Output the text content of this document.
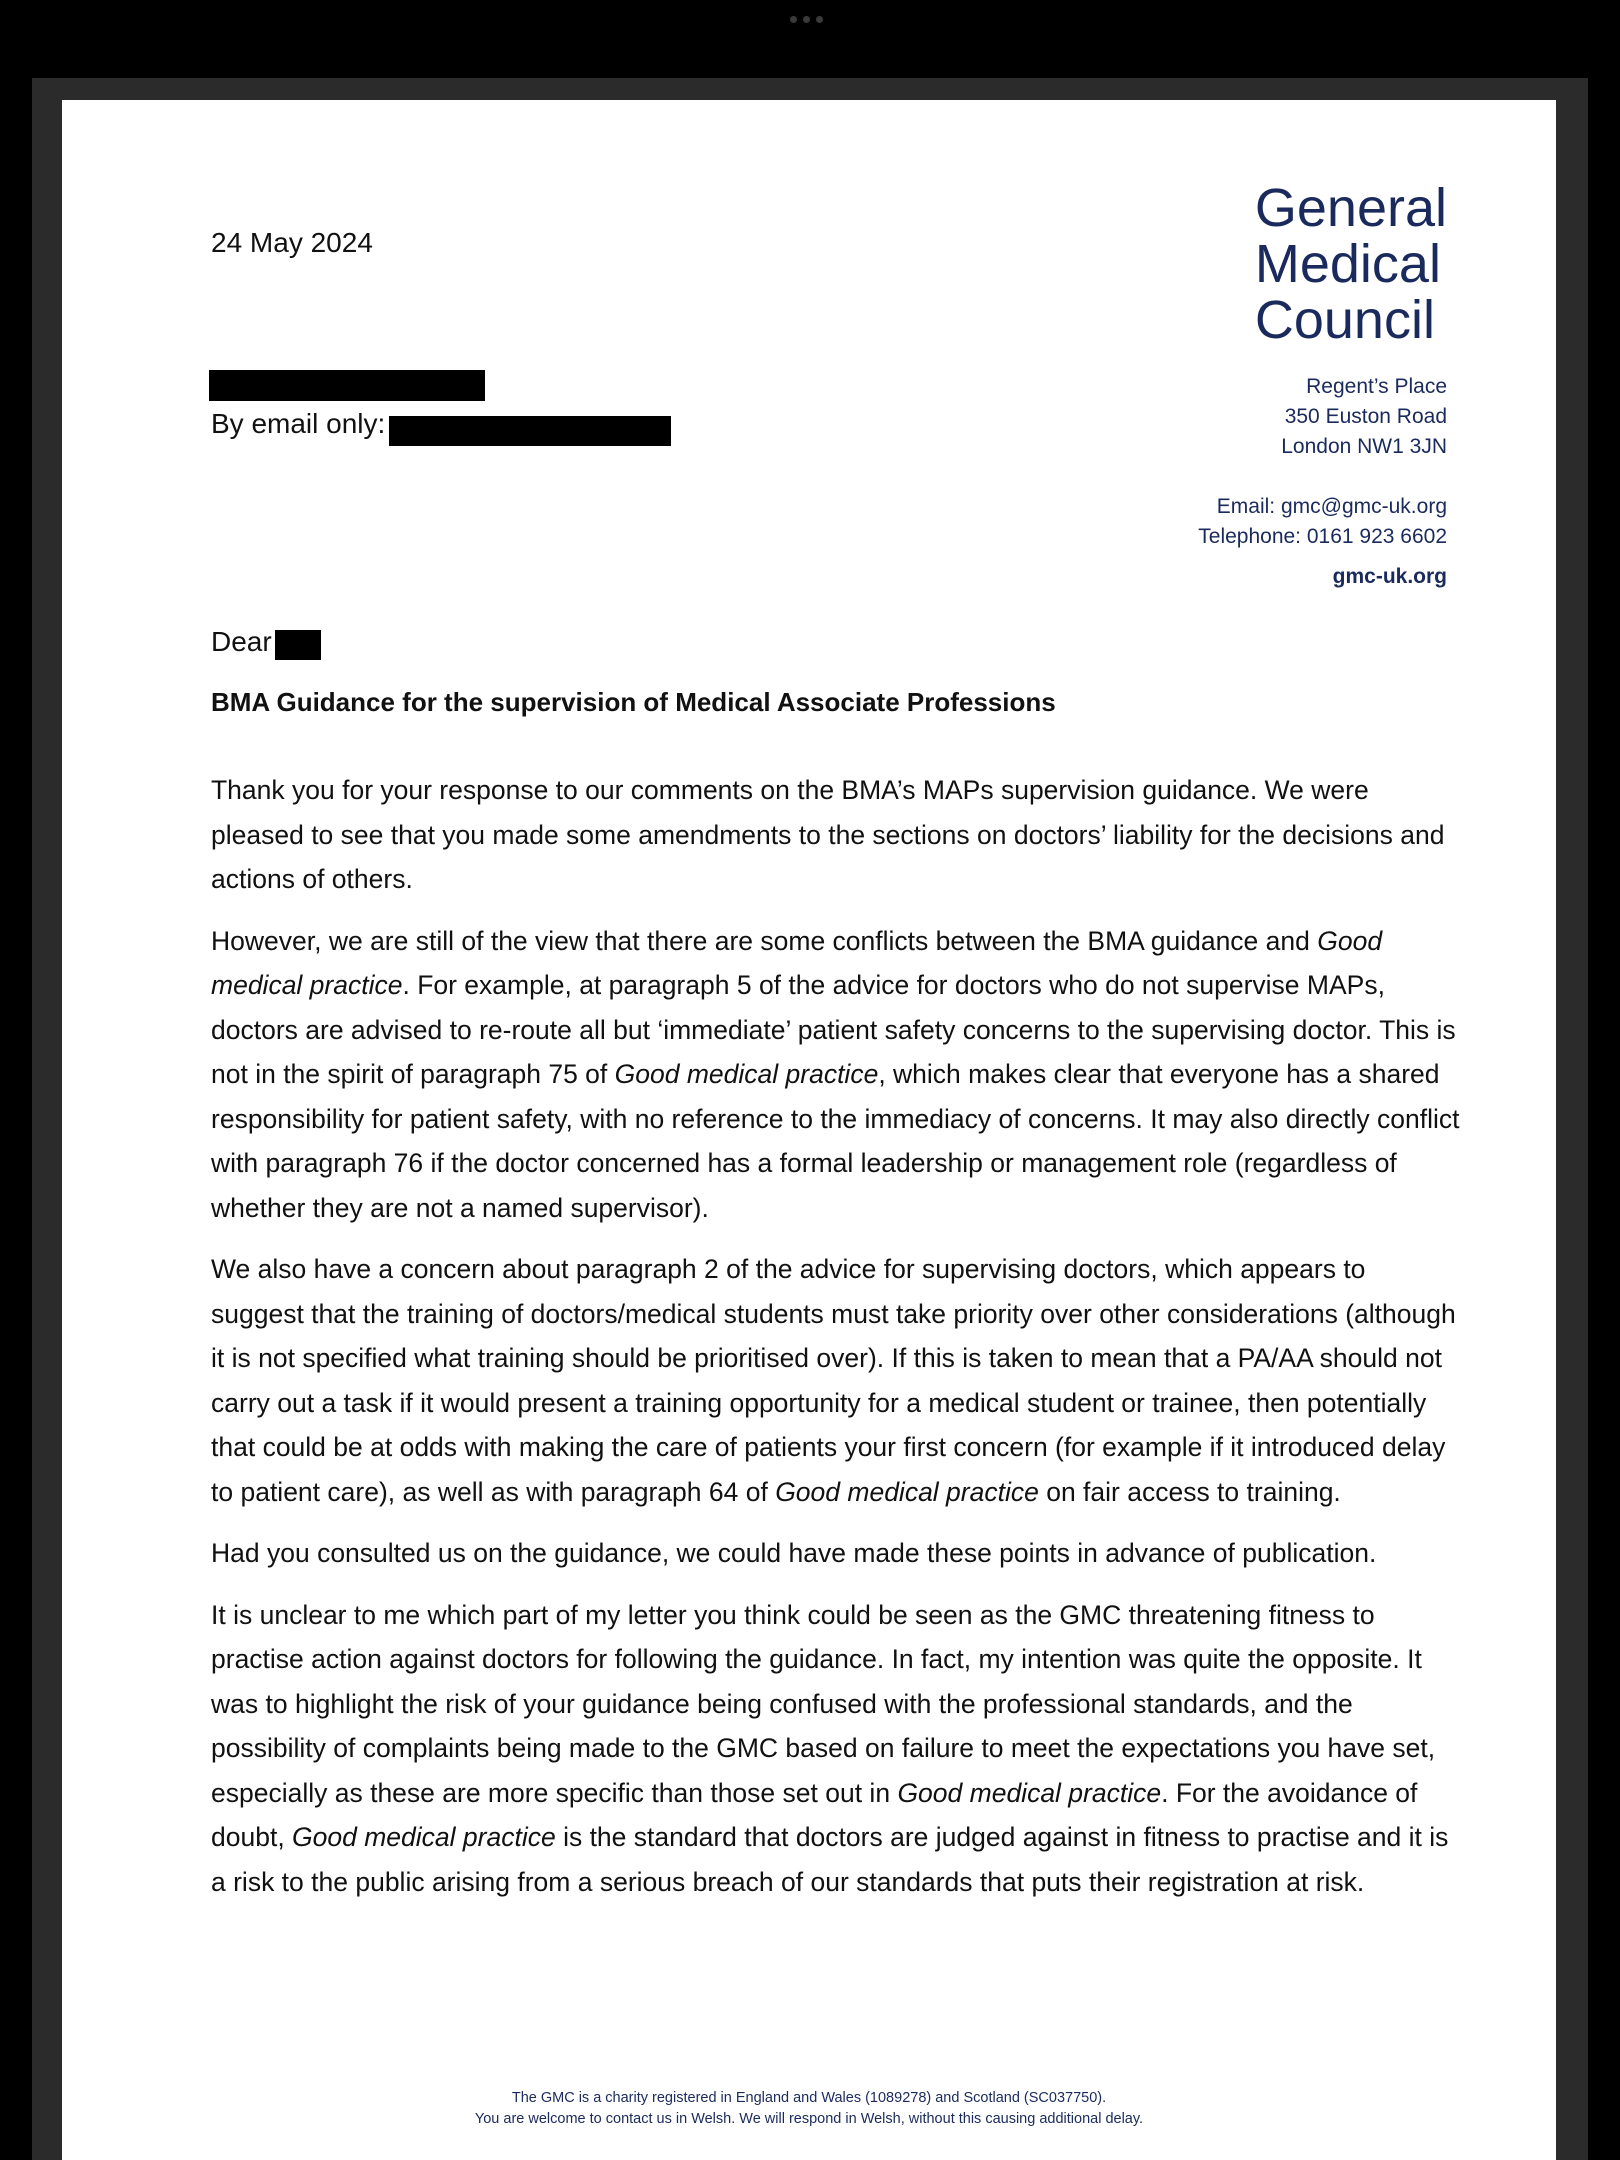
24 May 2024
General
Medical
Council
Regent’s Place
350 Euston Road
London NW1 3JN
Email: gmc@gmc-uk.org
Telephone: 0161 923 6602
gmc-uk.org
By email only:
Dear
BMA Guidance for the supervision of Medical Associate Professions

Thank you for your response to our comments on the BMA’s MAPs supervision guidance. We were pleased to see that you made some amendments to the sections on doctors’ liability for the decisions and actions of others.

However, we are still of the view that there are some conflicts between the BMA guidance and Good medical practice. For example, at paragraph 5 of the advice for doctors who do not supervise MAPs, doctors are advised to re-route all but ‘immediate’ patient safety concerns to the supervising doctor. This is not in the spirit of paragraph 75 of Good medical practice, which makes clear that everyone has a shared responsibility for patient safety, with no reference to the immediacy of concerns. It may also directly conflict with paragraph 76 if the doctor concerned has a formal leadership or management role (regardless of whether they are not a named supervisor).

We also have a concern about paragraph 2 of the advice for supervising doctors, which appears to suggest that the training of doctors/medical students must take priority over other considerations (although it is not specified what training should be prioritised over). If this is taken to mean that a PA/AA should not carry out a task if it would present a training opportunity for a medical student or trainee, then potentially that could be at odds with making the care of patients your first concern (for example if it introduced delay to patient care), as well as with paragraph 64 of Good medical practice on fair access to training.

Had you consulted us on the guidance, we could have made these points in advance of publication.

It is unclear to me which part of my letter you think could be seen as the GMC threatening fitness to practise action against doctors for following the guidance. In fact, my intention was quite the opposite. It was to highlight the risk of your guidance being confused with the professional standards, and the possibility of complaints being made to the GMC based on failure to meet the expectations you have set, especially as these are more specific than those set out in Good medical practice. For the avoidance of doubt, Good medical practice is the standard that doctors are judged against in fitness to practise and it is a risk to the public arising from a serious breach of our standards that puts their registration at risk.

The GMC is a charity registered in England and Wales (1089278) and Scotland (SC037750).
You are welcome to contact us in Welsh. We will respond in Welsh, without this causing additional delay.
